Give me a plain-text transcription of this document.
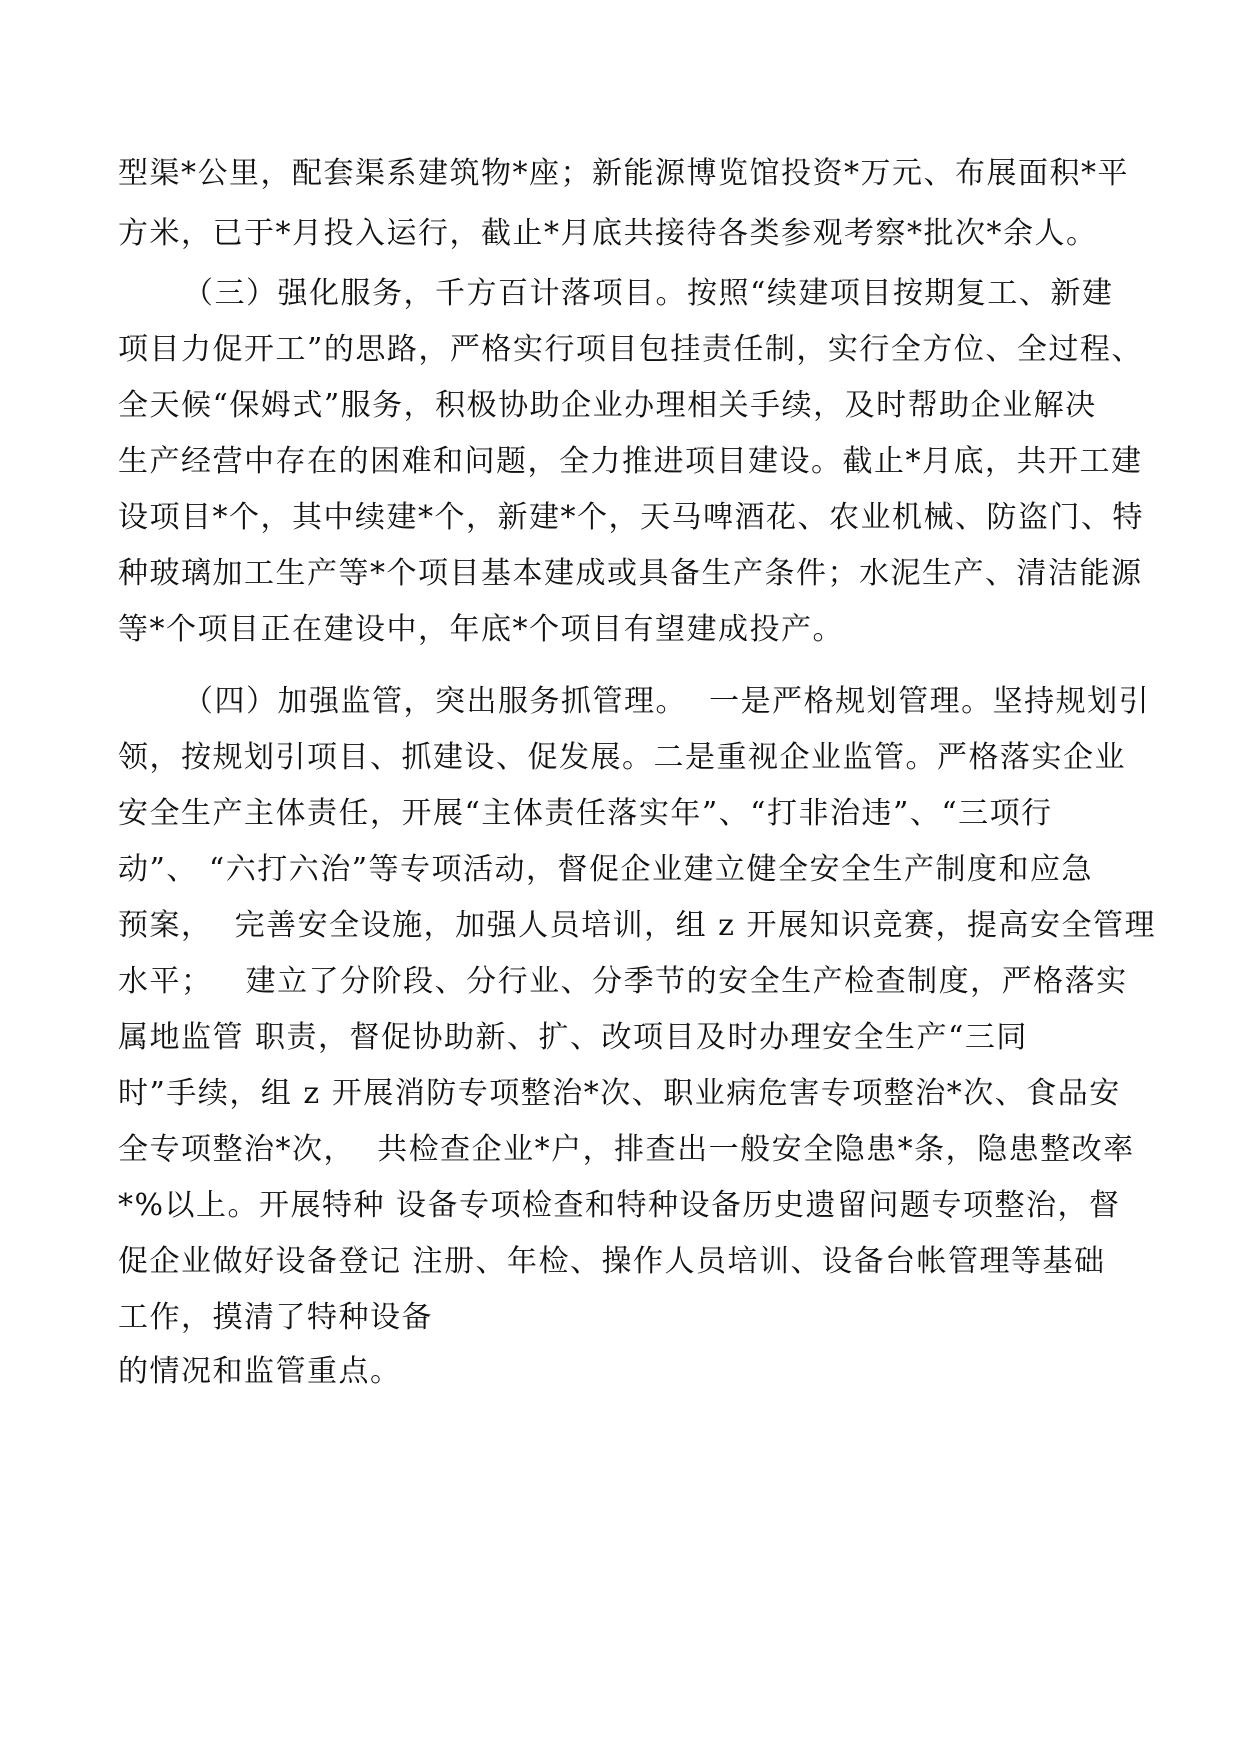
型渠*公里，配套渠系建筑物*座；新能源博览馆投资*万元、布展面积*平
方米，已于*月投入运行，截止*月底共接待各类参观考察*批次*余人。
（三）强化服务，千方百计落项目。按照“续建项目按期复工、新建
项目力促开工”的思路，严格实行项目包挂责任制，实行全方位、全过程、
全天候“保姆式”服务，积极协助企业办理相关手续，及时帮助企业解决
生产经营中存在的困难和问题，全力推进项目建设。截止*月底，共开工建
设项目*个，其中续建*个，新建*个，天马啤酒花、农业机械、防盗门、特
种玻璃加工生产等*个项目基本建成或具备生产条件；水泥生产、清洁能源
等*个项目正在建设中，年底*个项目有望建成投产。
（四）加强监管，突出服务抓管理。  一是严格规划管理。坚持规划引
领，按规划引项目、抓建设、促发展。二是重视企业监管。严格落实企业
安全生产主体责任，开展“主体责任落实年”、“打非治违”、“三项行
动”、 “六打六治”等专项活动，督促企业建立健全安全生产制度和应急
预案，  完善安全设施，加强人员培训，组 z 开展知识竞赛，提高安全管理
水平；   建立了分阶段、分行业、分季节的安全生产检查制度，严格落实
属地监管 职责，督促协助新、扩、改项目及时办理安全生产“三同
时”手续，组 z 开展消防专项整治*次、职业病危害专项整治*次、食品安
全专项整治*次，  共检查企业*户，排查出一般安全隐患*条，隐患整改率
*%以上。开展特种 设备专项检查和特种设备历史遗留问题专项整治，督
促企业做好设备登记 注册、年检、操作人员培训、设备台帐管理等基础
工作，摸清了特种设备
的情况和监管重点。
